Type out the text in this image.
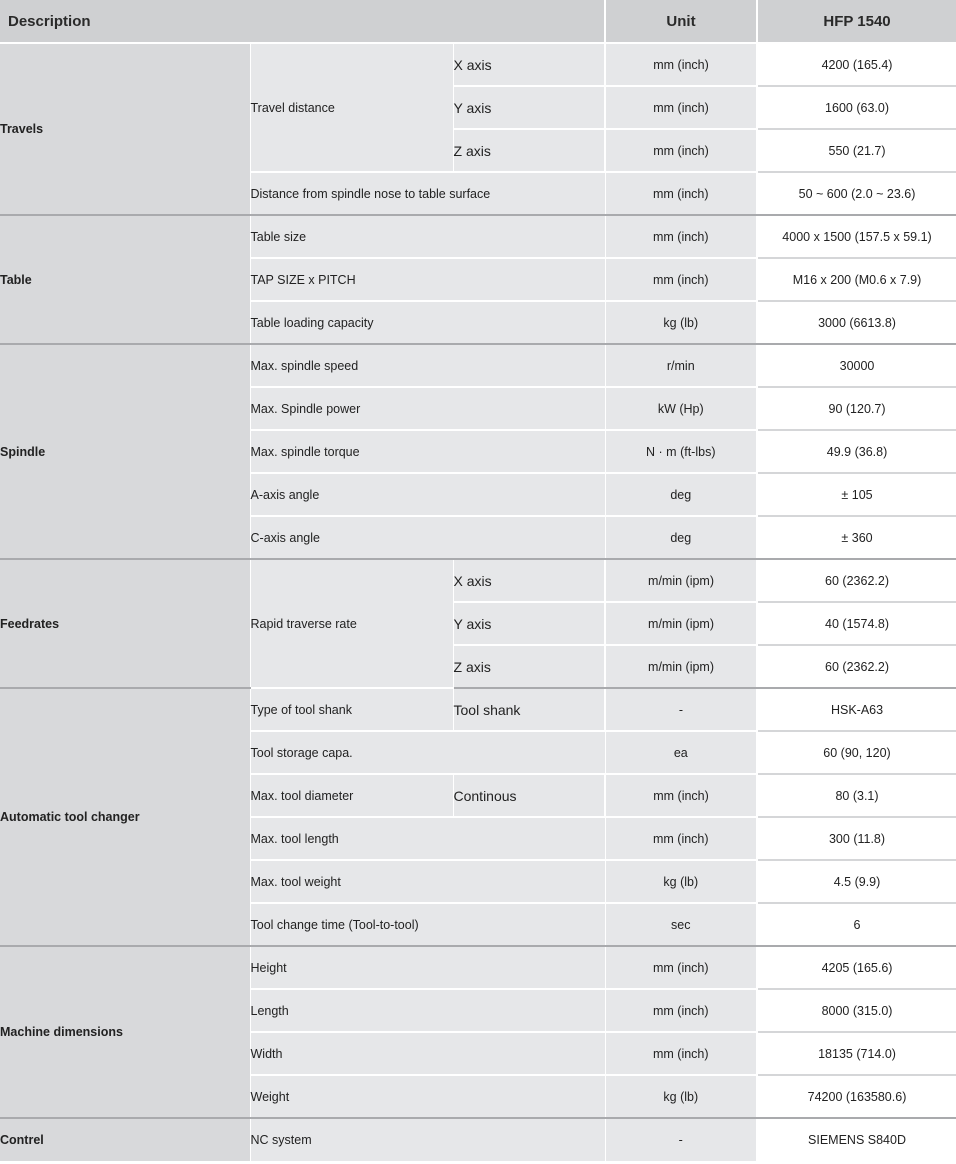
Description			Unit	HFP 1540
Travels	Travel distance	X axis	mm (inch)	4200 (165.4)
		Y axis	mm (inch)	1600 (63.0)
		Z axis	mm (inch)	550 (21.7)
	Distance from spindle nose to table surface		mm (inch)	50 ~ 600 (2.0 ~ 23.6)
Table	Table size		mm (inch)	4000 x 1500 (157.5 x 59.1)
	TAP SIZE x PITCH		mm (inch)	M16 x 200 (M0.6 x 7.9)
	Table loading capacity		kg (lb)	3000 (6613.8)
Spindle	Max. spindle speed		r/min	30000
	Max. Spindle power		kW (Hp)	90 (120.7)
	Max. spindle torque		N · m (ft-lbs)	49.9 (36.8)
	A-axis angle		deg	± 105
	C-axis angle		deg	± 360
Feedrates	Rapid traverse rate	X axis	m/min (ipm)	60 (2362.2)
		Y axis	m/min (ipm)	40 (1574.8)
		Z axis	m/min (ipm)	60 (2362.2)
Automatic tool changer	Type of tool shank	Tool shank	-	HSK-A63
	Tool storage capa.		ea	60 (90, 120)
	Max. tool diameter	Continous	mm (inch)	80 (3.1)
	Max. tool length		mm (inch)	300 (11.8)
	Max. tool weight		kg (lb)	4.5 (9.9)
	Tool change time (Tool-to-tool)		sec	6
Machine dimensions	Height		mm (inch)	4205 (165.6)
	Length		mm (inch)	8000 (315.0)
	Width		mm (inch)	18135 (714.0)
	Weight		kg (lb)	74200 (163580.6)
Contrel	NC system		-	SIEMENS S840D
